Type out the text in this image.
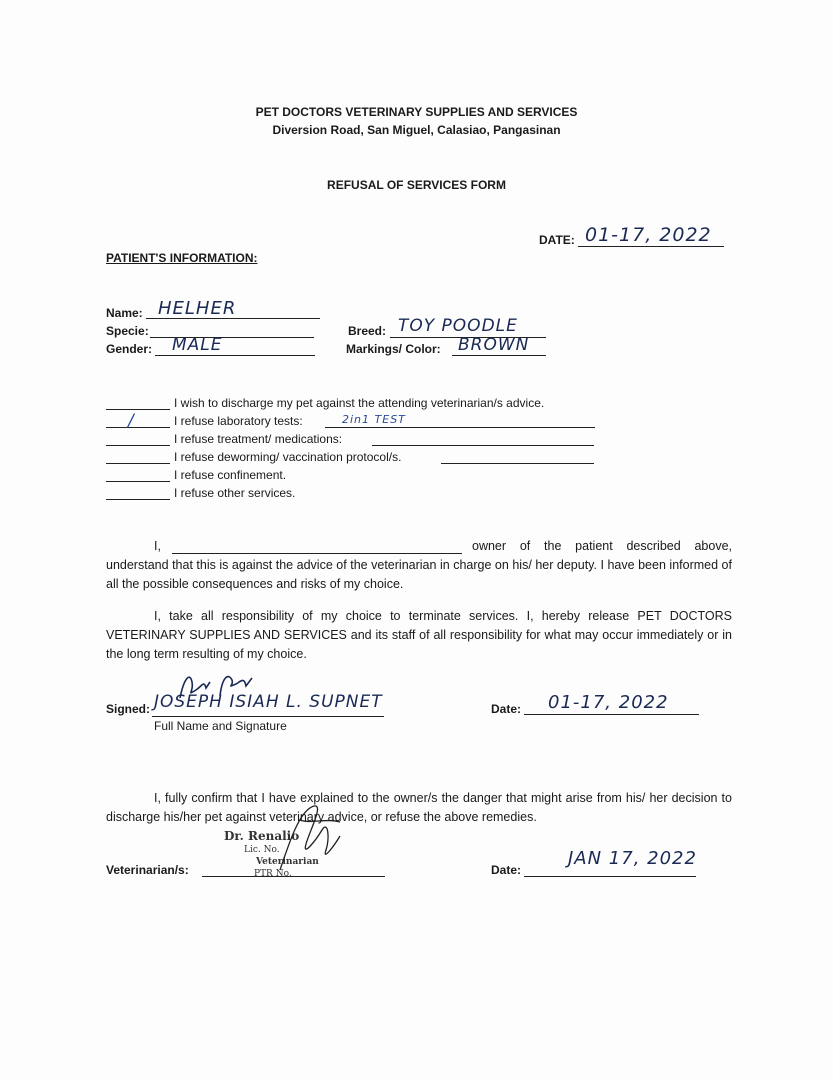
PET DOCTORS VETERINARY SUPPLIES AND SERVICES
Diversion Road, San Miguel, Calasiao, Pangasinan
REFUSAL OF SERVICES FORM
DATE: 01-17, 2022
PATIENT'S INFORMATION:
Name: HELHER
Specie:
Gender: MALE
Breed: TOY POODLE
Markings/ Color: BROWN
I wish to discharge my pet against the attending veterinarian/s advice.
/	I refuse laboratory tests:	2in1 TEST
I refuse treatment/ medications:
I refuse deworming/ vaccination protocol/s.
I refuse confinement.
I refuse other services.
I,	owner of the patient described above,
understand that this is against the advice of the veterinarian in charge on his/ her deputy. I have been informed of all the possible consequences and risks of my choice.
I, take all responsibility of my choice to terminate services. I, hereby release PET DOCTORS VETERINARY SUPPLIES AND SERVICES and its staff of all responsibility for what may occur immediately or in the long term resulting of my choice.
Signed: JOSEPH ISIAH L. SUPNET
Full Name and Signature
Date: 01-17, 2022
I, fully confirm that I have explained to the owner/s the danger that might arise from his/ her decision to discharge his/her pet against veterinary advice, or refuse the above remedies.
Veterinarian/s:
Dr. Renalio
Lic. No.
Veterinarian
PTR No.	Date:
JAN 17, 2022
